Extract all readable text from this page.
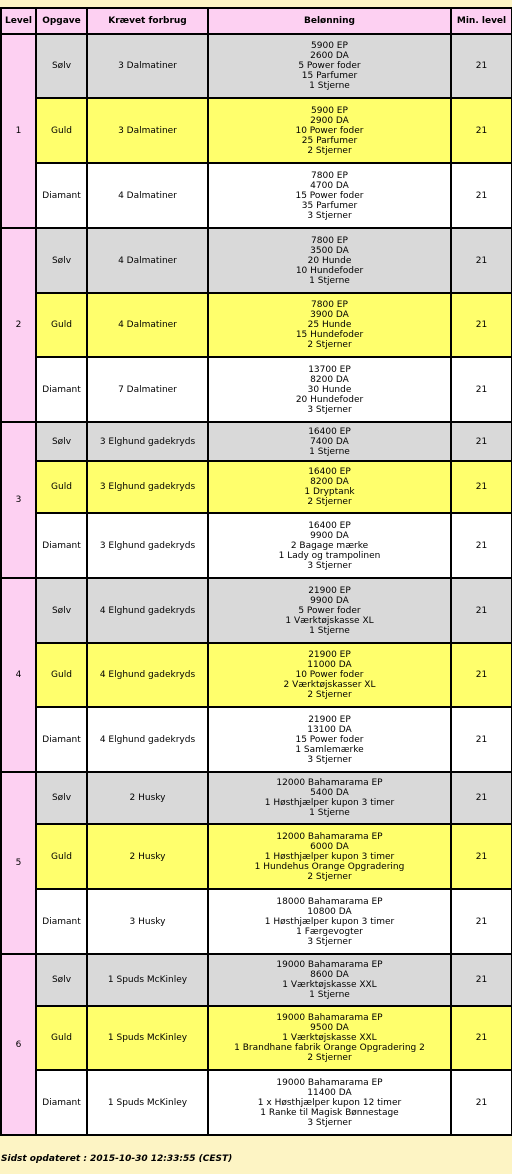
Level	Opgave	Krævet forbrug	Belønning	Min. level
1	Sølv	3 Dalmatiner	5900 EP
2600 DA
5 Power foder
15 Parfumer
1 Stjerne	21
	Guld	3 Dalmatiner	5900 EP
2900 DA
10 Power foder
25 Parfumer
2 Stjerner	21
	Diamant	4 Dalmatiner	7800 EP
4700 DA
15 Power foder
35 Parfumer
3 Stjerner	21
2	Sølv	4 Dalmatiner	7800 EP
3500 DA
20 Hunde
10 Hundefoder
1 Stjerne	21
	Guld	4 Dalmatiner	7800 EP
3900 DA
25 Hunde
15 Hundefoder
2 Stjerner	21
	Diamant	7 Dalmatiner	13700 EP
8200 DA
30 Hunde
20 Hundefoder
3 Stjerner	21
3	Sølv	3 Elghund gadekryds	16400 EP
7400 DA
1 Stjerne	21
	Guld	3 Elghund gadekryds	16400 EP
8200 DA
1 Dryptank
2 Stjerner	21
	Diamant	3 Elghund gadekryds	16400 EP
9900 DA
2 Bagage mærke
1 Lady og trampolinen
3 Stjerner	21
4	Sølv	4 Elghund gadekryds	21900 EP
9900 DA
5 Power foder
1 Værktøjskasse XL
1 Stjerne	21
	Guld	4 Elghund gadekryds	21900 EP
11000 DA
10 Power foder
2 Værktøjskasser XL
2 Stjerner	21
	Diamant	4 Elghund gadekryds	21900 EP
13100 DA
15 Power foder
1 Samlemærke
3 Stjerner	21
5	Sølv	2 Husky	12000 Bahamarama EP
5400 DA
1 Høsthjælper kupon 3 timer
1 Stjerne	21
	Guld	2 Husky	12000 Bahamarama EP
6000 DA
1 Høsthjælper kupon 3 timer
1 Hundehus Orange Opgradering
2 Stjerner	21
	Diamant	3 Husky	18000 Bahamarama EP
10800 DA
1 Høsthjælper kupon 3 timer
1 Færgevogter
3 Stjerner	21
6	Sølv	1 Spuds McKinley	19000 Bahamarama EP
8600 DA
1 Værktøjskasse XXL
1 Stjerne	21
	Guld	1 Spuds McKinley	19000 Bahamarama EP
9500 DA
1 Værktøjskasse XXL
1 Brandhane fabrik Orange Opgradering 2
2 Stjerner	21
	Diamant	1 Spuds McKinley	19000 Bahamarama EP
11400 DA
1 x Høsthjælper kupon 12 timer
1 Ranke til Magisk Bønnestage
3 Stjerner	21
Sidst opdateret : 2015-10-30 12:33:55 (CEST)
